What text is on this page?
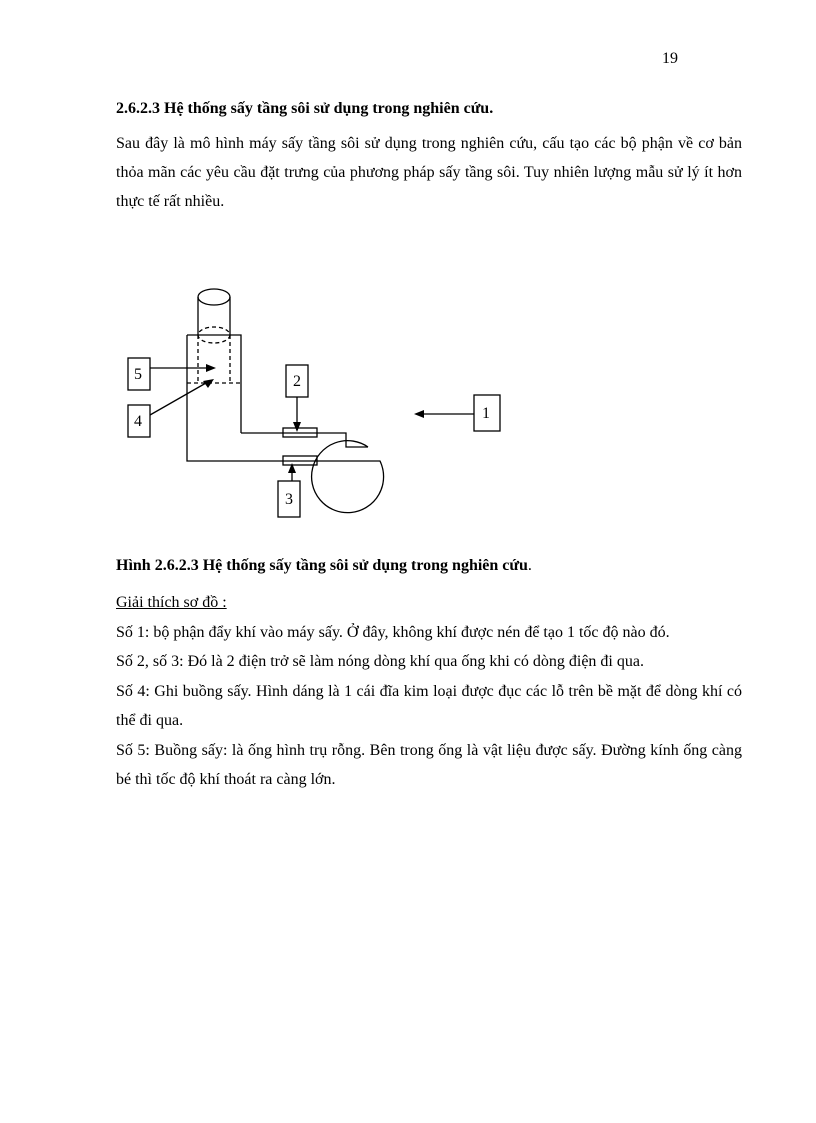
19
2.6.2.3 Hệ thống sấy tầng sôi sử dụng trong nghiên cứu.

Sau đây là mô hình máy sấy tầng sôi sử dụng trong nghiên cứu, cấu tạo các bộ phận về cơ bản thỏa mãn các yêu cầu đặt trưng của phương pháp sấy tầng sôi. Tuy nhiên lượng mẫu sử lý ít hơn thực tế rất nhiều.

5
4
2
3
1
Hình 2.6.2.3 Hệ thống sấy tầng sôi sử dụng trong nghiên cứu.

Giải thích sơ đồ :

Số 1: bộ phận đẩy khí vào máy sấy. Ở đây, không khí được nén để tạo 1 tốc độ nào đó.

Số 2, số 3: Đó là 2 điện trở sẽ làm nóng dòng khí qua ống khi có dòng điện đi qua.

Số 4: Ghi buồng sấy. Hình dáng là 1 cái đĩa kim loại được đục các lỗ trên bề mặt để dòng khí có thể đi qua.

Số 5: Buồng sấy: là ống hình trụ rỗng. Bên trong ống là vật liệu được sấy. Đường kính ống càng bé thì tốc độ khí thoát ra càng lớn.
